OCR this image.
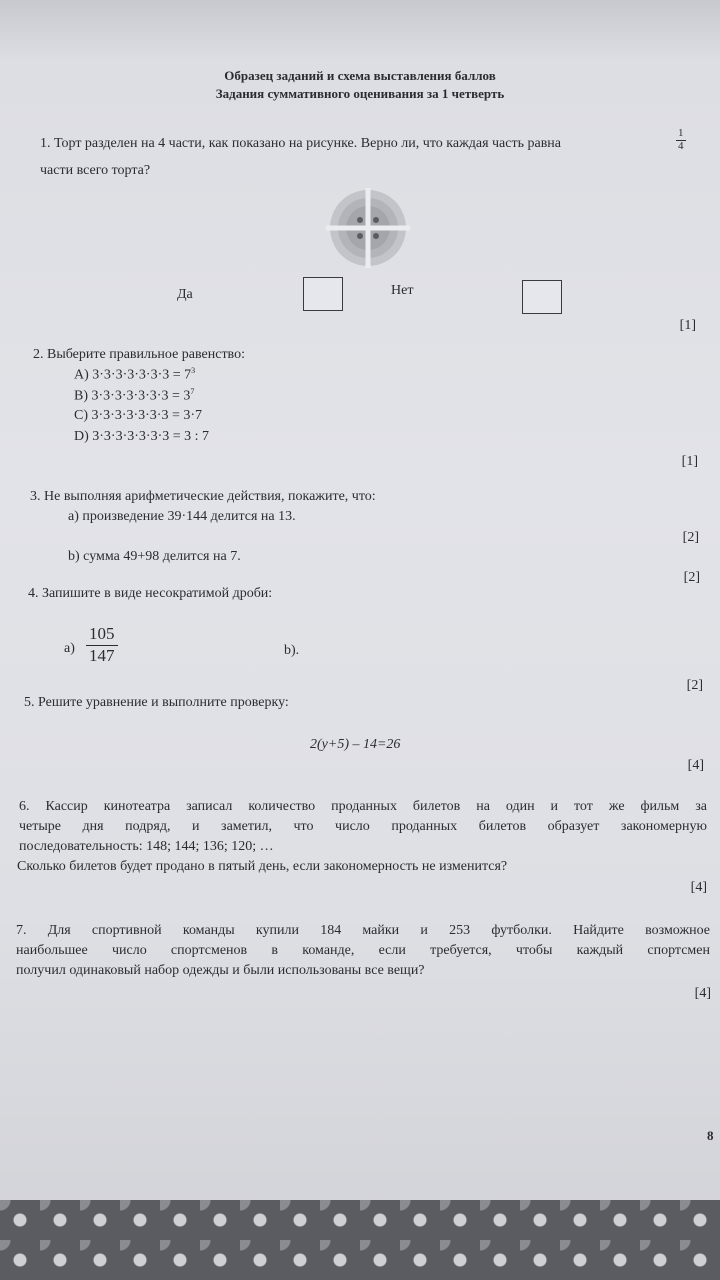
Образец заданий и схема выставления баллов
Задания суммативного оценивания за 1 четверть
1. Торт разделен на 4 части, как показано на рисунке. Верно ли, что каждая часть равна	$\frac{1}{4}$
части всего торта?
Да	Нет
[1]
2. Выберите правильное равенство:
A) $3\cdot 3\cdot 3\cdot 3\cdot 3\cdot 3\cdot 3 = 7^3$
B) $3\cdot 3\cdot 3\cdot 3\cdot 3\cdot 3\cdot 3 = 3^7$
C) 3·3·3·3·3·3·3 = 3·7
D) 3·3·3·3·3·3·3 = 3 : 7
[1]
3. Не выполняя арифметические действия, покажите, что:
a) произведение 39·144 делится на 13.
[2]
b) сумма 49+98 делится на 7.
[2]
4. Запишите в виде несократимой дроби:
$a) \frac{105}{147}$	b).
[2]
5. Решите уравнение и выполните проверку:
2(y+5) – 14=26
[4]
6. Кассир кинотеатра записал количество проданных билетов на один и тот же фильм за
четыре дня подряд, и заметил, что число проданных билетов образует закономерную
последовательность: 148; 144; 136; 120; …
Сколько билетов будет продано в пятый день, если закономерность не изменится?
[4]
7. Для спортивной команды купили 184 майки и 253 футболки. Найдите возможное
наибольшее число спортсменов в команде, если требуется, чтобы каждый спортсмен
получил одинаковый набор одежды и были использованы все вещи?
[4]
8
